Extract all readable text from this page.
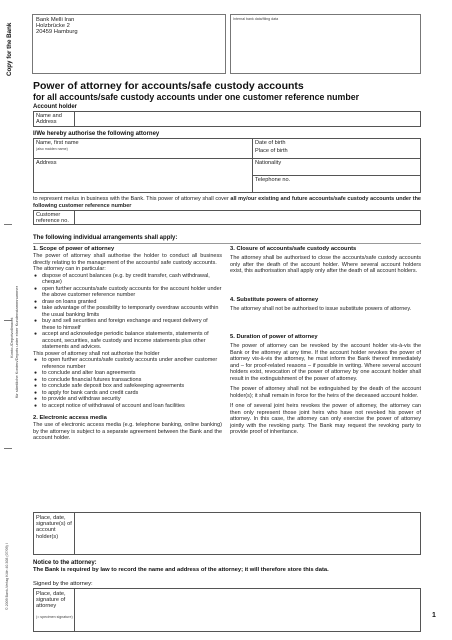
Copy for the Bank
Konto-/Depotvollmacht für sämtliche Konten/Depots unter einer Kundenstammnummer
© 2009 Bank-Verlag Köln 40.308 (07/09) I
Bank Melli Iran
Holzbrücke 2
20459 Hamburg
Internal bank data/filing data
Power of attorney for accounts/safe custody accounts
for all accounts/safe custody accounts under one customer reference number
Account holder
Name and Address
I/We hereby authorise the following attorney
Name, first name
(also maiden name)
Date of birth
Place of birth
Address	Nationality
Telephone no.
to represent me/us in business with the Bank. This power of attorney shall cover all my/our existing and future accounts/safe custody accounts under the following customer reference number
Customer reference no.
The following individual arrangements shall apply:
1. Scope of power of attorney

The power of attorney shall authorise the holder to conduct all business directly relating to the management of the accounts/ safe custody accounts.

The attorney can in particular:

● dispose of account balances (e.g. by credit transfer, cash withdrawal, cheque)
● open further accounts/safe custody accounts for the account holder under the above customer reference number
● draw on loans granted
● take advantage of the possibility to temporarily overdraw accounts within the usual banking limits
● buy and sell securities and foreign exchange and request delivery of these to himself
● accept and acknowledge periodic balance statements, statements of account, securities, safe custody and income statements plus other statements and advices.

This power of attorney shall not authorise the holder

● to open further accounts/safe custody accounts under another customer reference number
● to conclude and alter loan agreements
● to conclude financial futures transactions
● to conclude safe deposit box and safekeeping agreements
● to apply for bank cards and credit cards
● to provide and withdraw security
● to accept notice of withdrawal of account and loan facilities
2. Electronic access media

The use of electronic access media (e.g. telephone banking, online banking) by the attorney is subject to a separate agreement between the Bank and the account holder.

3. Closure of accounts/safe custody accounts

The attorney shall be authorised to close the accounts/safe custody accounts only after the death of the account holder. Where several account holders exist, this authorisation shall apply only after the death of all account holders.

4. Substitute powers of attorney

The attorney shall not be authorised to issue substitute powers of attorney.

5. Duration of power of attorney

The power of attorney can be revoked by the account holder vis-à-vis the Bank or the attorney at any time. If the account holder revokes the power of attorney vis-à-vis the attorney, he must inform the Bank thereof immediately and – for proof-related reasons – if possible in writing. Where several account holders exist, revocation of the power of attorney by one account holder shall result in the extinguishment of the power of attorney.

The power of attorney shall not be extinguished by the death of the account holder(s); it shall remain in force for the heirs of the deceased account holder.

If one of several joint heirs revokes the power of attorney, the attorney can then only represent those joint heirs who have not revoked his power of attorney. In this case, the attorney can only exercise the power of attorney jointly with the revoking party. The Bank may request the revoking party to provide proof of inheritance.

Place, date, signature(s) of account holder(s)
Notice to the attorney:
The Bank is required by law to record the name and address of the attorney; it will therefore store this data.
Signed by the attorney:
Place, date, signature of attorney
(= specimen signature)	1
